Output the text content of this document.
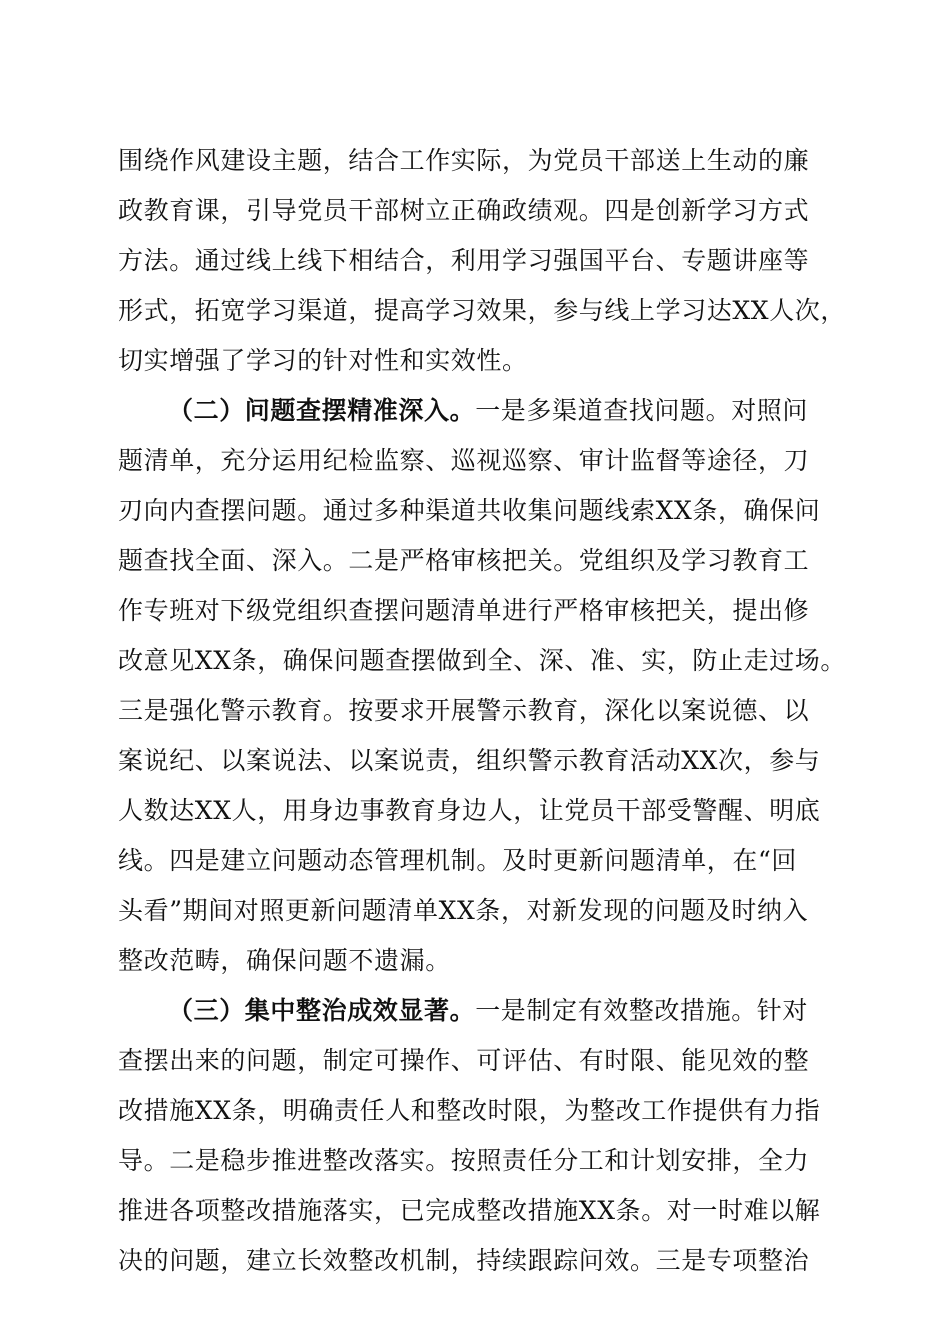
围绕作风建设主题，结合工作实际，为党员干部送上生动的廉
政教育课，引导党员干部树立正确政绩观。四是创新学习方式
方法。通过线上线下相结合，利用学习强国平台、专题讲座等
形式，拓宽学习渠道，提高学习效果，参与线上学习达XX人次，
切实增强了学习的针对性和实效性。
（二）问题查摆精准深入。一是多渠道查找问题。对照问
题清单，充分运用纪检监察、巡视巡察、审计监督等途径，刀
刃向内查摆问题。通过多种渠道共收集问题线索XX条，确保问
题查找全面、深入。二是严格审核把关。党组织及学习教育工
作专班对下级党组织查摆问题清单进行严格审核把关，提出修
改意见XX条，确保问题查摆做到全、深、准、实，防止走过场。
三是强化警示教育。按要求开展警示教育，深化以案说德、以
案说纪、以案说法、以案说责，组织警示教育活动XX次，参与
人数达XX人，用身边事教育身边人，让党员干部受警醒、明底
线。四是建立问题动态管理机制。及时更新问题清单，在“回
头看”期间对照更新问题清单XX条，对新发现的问题及时纳入
整改范畴，确保问题不遗漏。
（三）集中整治成效显著。一是制定有效整改措施。针对
查摆出来的问题，制定可操作、可评估、有时限、能见效的整
改措施XX条，明确责任人和整改时限，为整改工作提供有力指
导。二是稳步推进整改落实。按照责任分工和计划安排，全力
推进各项整改措施落实，已完成整改措施XX条。对一时难以解
决的问题，建立长效整改机制，持续跟踪问效。三是专项整治
